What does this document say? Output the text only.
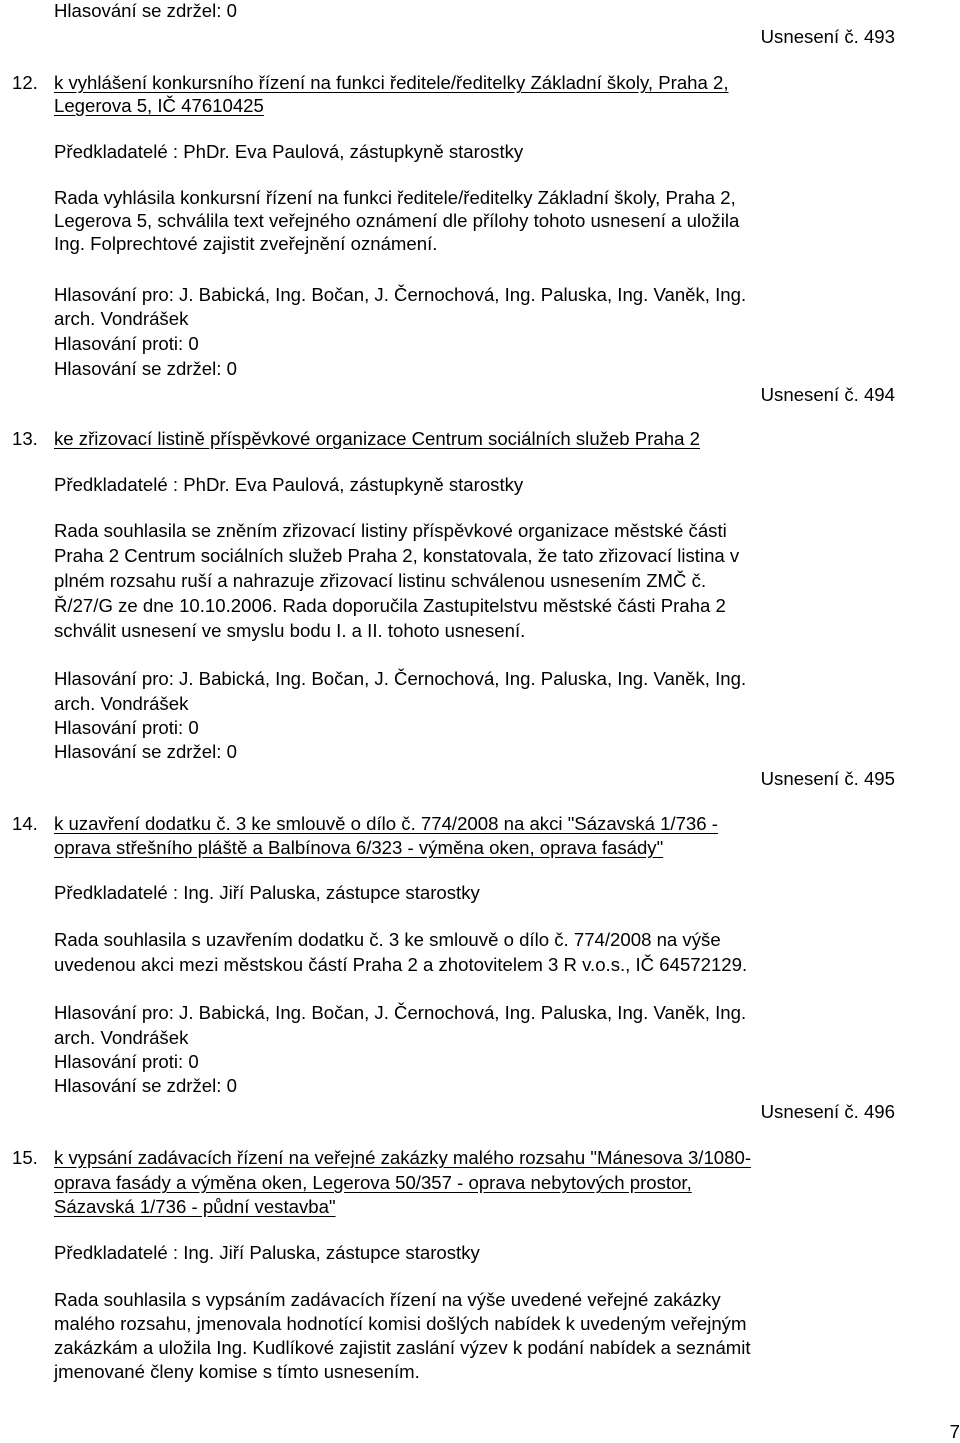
Hlasování se zdržel: 0
Usnesení č. 493
12. k vyhlášení konkursního řízení na funkci ředitele/ředitelky Základní školy, Praha 2,
Legerova 5, IČ 47610425
Předkladatelé : PhDr. Eva Paulová, zástupkyně starostky
Rada vyhlásila konkursní řízení na funkci ředitele/ředitelky Základní školy, Praha 2,
Legerova 5, schválila text veřejného oznámení dle přílohy tohoto usnesení a uložila
Ing. Folprechtové zajistit zveřejnění oznámení.
Hlasování pro: J. Babická, Ing. Bočan, J. Černochová, Ing. Paluska, Ing. Vaněk, Ing.
arch. Vondrášek
Hlasování proti: 0
Hlasování se zdržel: 0
Usnesení č. 494
13. ke zřizovací listině příspěvkové organizace Centrum sociálních služeb Praha 2
Předkladatelé : PhDr. Eva Paulová, zástupkyně starostky
Rada souhlasila se zněním zřizovací listiny příspěvkové organizace městské části
Praha 2 Centrum sociálních služeb Praha 2, konstatovala, že tato zřizovací listina v
plném rozsahu ruší a nahrazuje zřizovací listinu schválenou usnesením ZMČ č.
Ř/27/G ze dne 10.10.2006. Rada doporučila Zastupitelstvu městské části Praha 2
schválit usnesení ve smyslu bodu I. a II. tohoto usnesení.
Hlasování pro: J. Babická, Ing. Bočan, J. Černochová, Ing. Paluska, Ing. Vaněk, Ing.
arch. Vondrášek
Hlasování proti: 0
Hlasování se zdržel: 0
Usnesení č. 495
14. k uzavření dodatku č. 3 ke smlouvě o dílo č. 774/2008 na akci "Sázavská 1/736 -
oprava střešního pláště a Balbínova 6/323 - výměna oken, oprava fasády"
Předkladatelé : Ing. Jiří Paluska, zástupce starostky
Rada souhlasila s uzavřením dodatku č. 3 ke smlouvě o dílo č. 774/2008 na výše
uvedenou akci mezi městskou částí Praha 2 a zhotovitelem 3 R v.o.s., IČ 64572129.
Hlasování pro: J. Babická, Ing. Bočan, J. Černochová, Ing. Paluska, Ing. Vaněk, Ing.
arch. Vondrášek
Hlasování proti: 0
Hlasování se zdržel: 0
Usnesení č. 496
15. k vypsání zadávacích řízení na veřejné zakázky malého rozsahu "Mánesova 3/1080-
oprava fasády a výměna oken, Legerova 50/357 - oprava nebytových prostor,
Sázavská 1/736 - půdní vestavba"
Předkladatelé : Ing. Jiří Paluska, zástupce starostky
Rada souhlasila s vypsáním zadávacích řízení na výše uvedené veřejné zakázky
malého rozsahu, jmenovala hodnotící komisi došlých nabídek k uvedeným veřejným
zakázkám a uložila Ing. Kudlíkové zajistit zaslání výzev k podání nabídek a seznámit
jmenované členy komise s tímto usnesením.
7
